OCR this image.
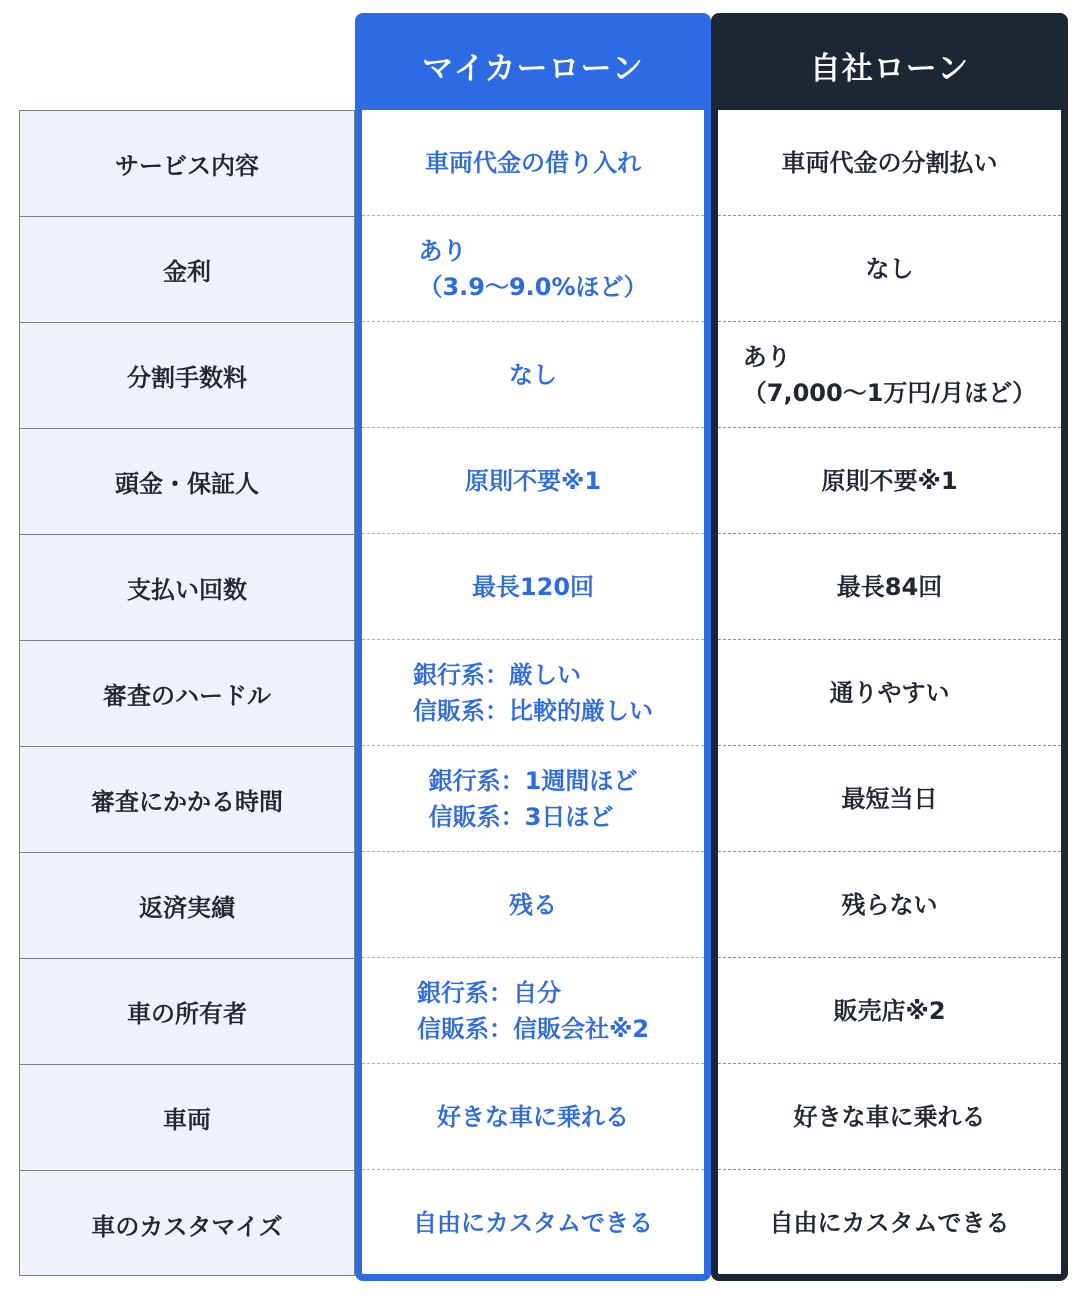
サービス内容
金利
分割手数料
頭金・保証人
支払い回数
審査のハードル
審査にかかる時間
返済実績
車の所有者
車両
車のカスタマイズ
マイカーローン
車両代金の借り入れ
あり
（3.9〜9.0%ほど）
なし
原則不要※1
最長120回
銀行系：厳しい
信販系：比較的厳しい
銀行系：1週間ほど
信販系：3日ほど
残る
銀行系：自分
信販系：信販会社※2
好きな車に乗れる
自由にカスタムできる
自社ローン
車両代金の分割払い
なし
あり
（7,000〜1万円/月ほど）
原則不要※1
最長84回
通りやすい
最短当日
残らない
販売店※2
好きな車に乗れる
自由にカスタムできる
